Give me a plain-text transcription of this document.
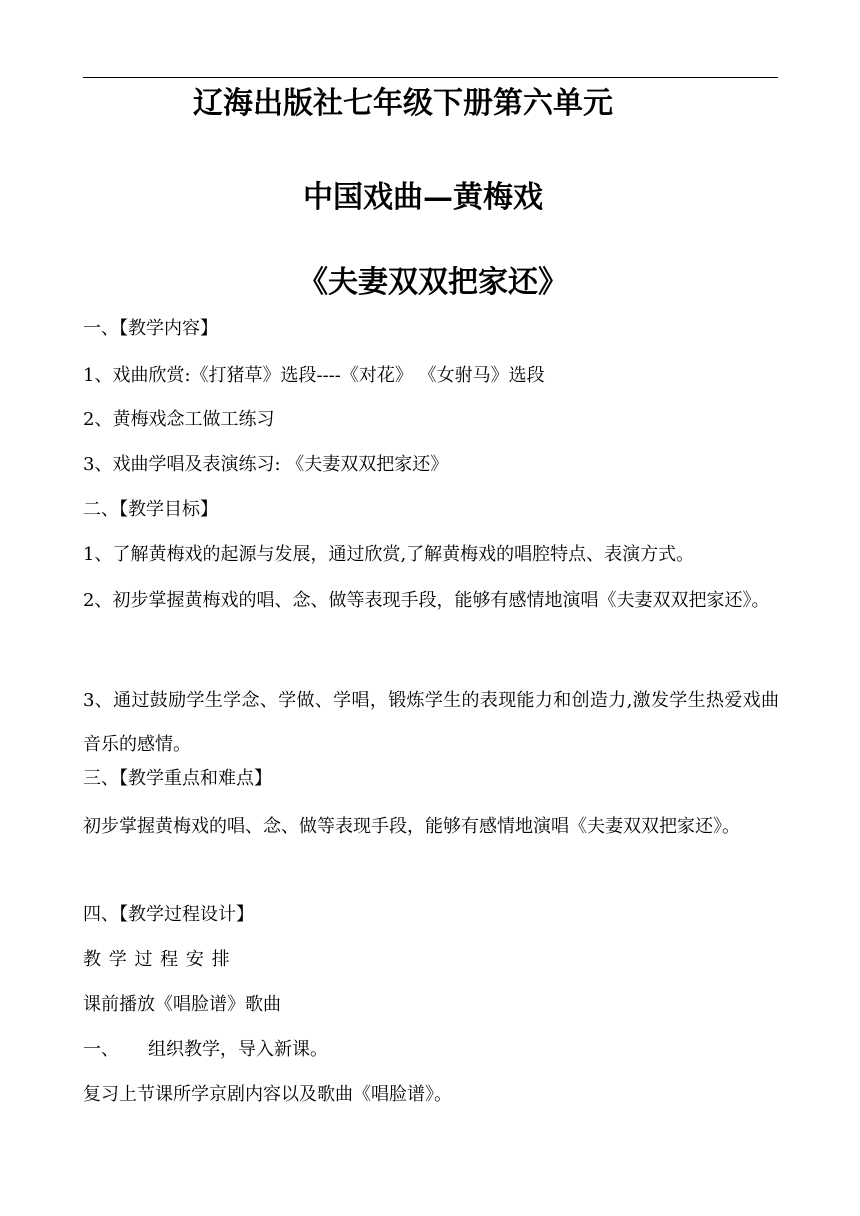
辽海出版社七年级下册第六单元
中国戏曲—黄梅戏
《夫妻双双把家还》
一、【教学内容】
1、戏曲欣赏:《打猪草》选段----《对花》 《女驸马》选段
2、黄梅戏念工做工练习
3、戏曲学唱及表演练习: 《夫妻双双把家还》
二、【教学目标】
1、了解黄梅戏的起源与发展，通过欣赏,了解黄梅戏的唱腔特点、表演方式。
2、初步掌握黄梅戏的唱、念、做等表现手段，能够有感情地演唱《夫妻双双把家还》。
3、通过鼓励学生学念、学做、学唱，锻炼学生的表现能力和创造力,激发学生热爱戏曲音乐的感情。
三、【教学重点和难点】
初步掌握黄梅戏的唱、念、做等表现手段，能够有感情地演唱《夫妻双双把家还》。
四、【教学过程设计】
教 学 过 程 安 排
课前播放《唱脸谱》歌曲
一、 组织教学，导入新课。
复习上节课所学京剧内容以及歌曲《唱脸谱》。
